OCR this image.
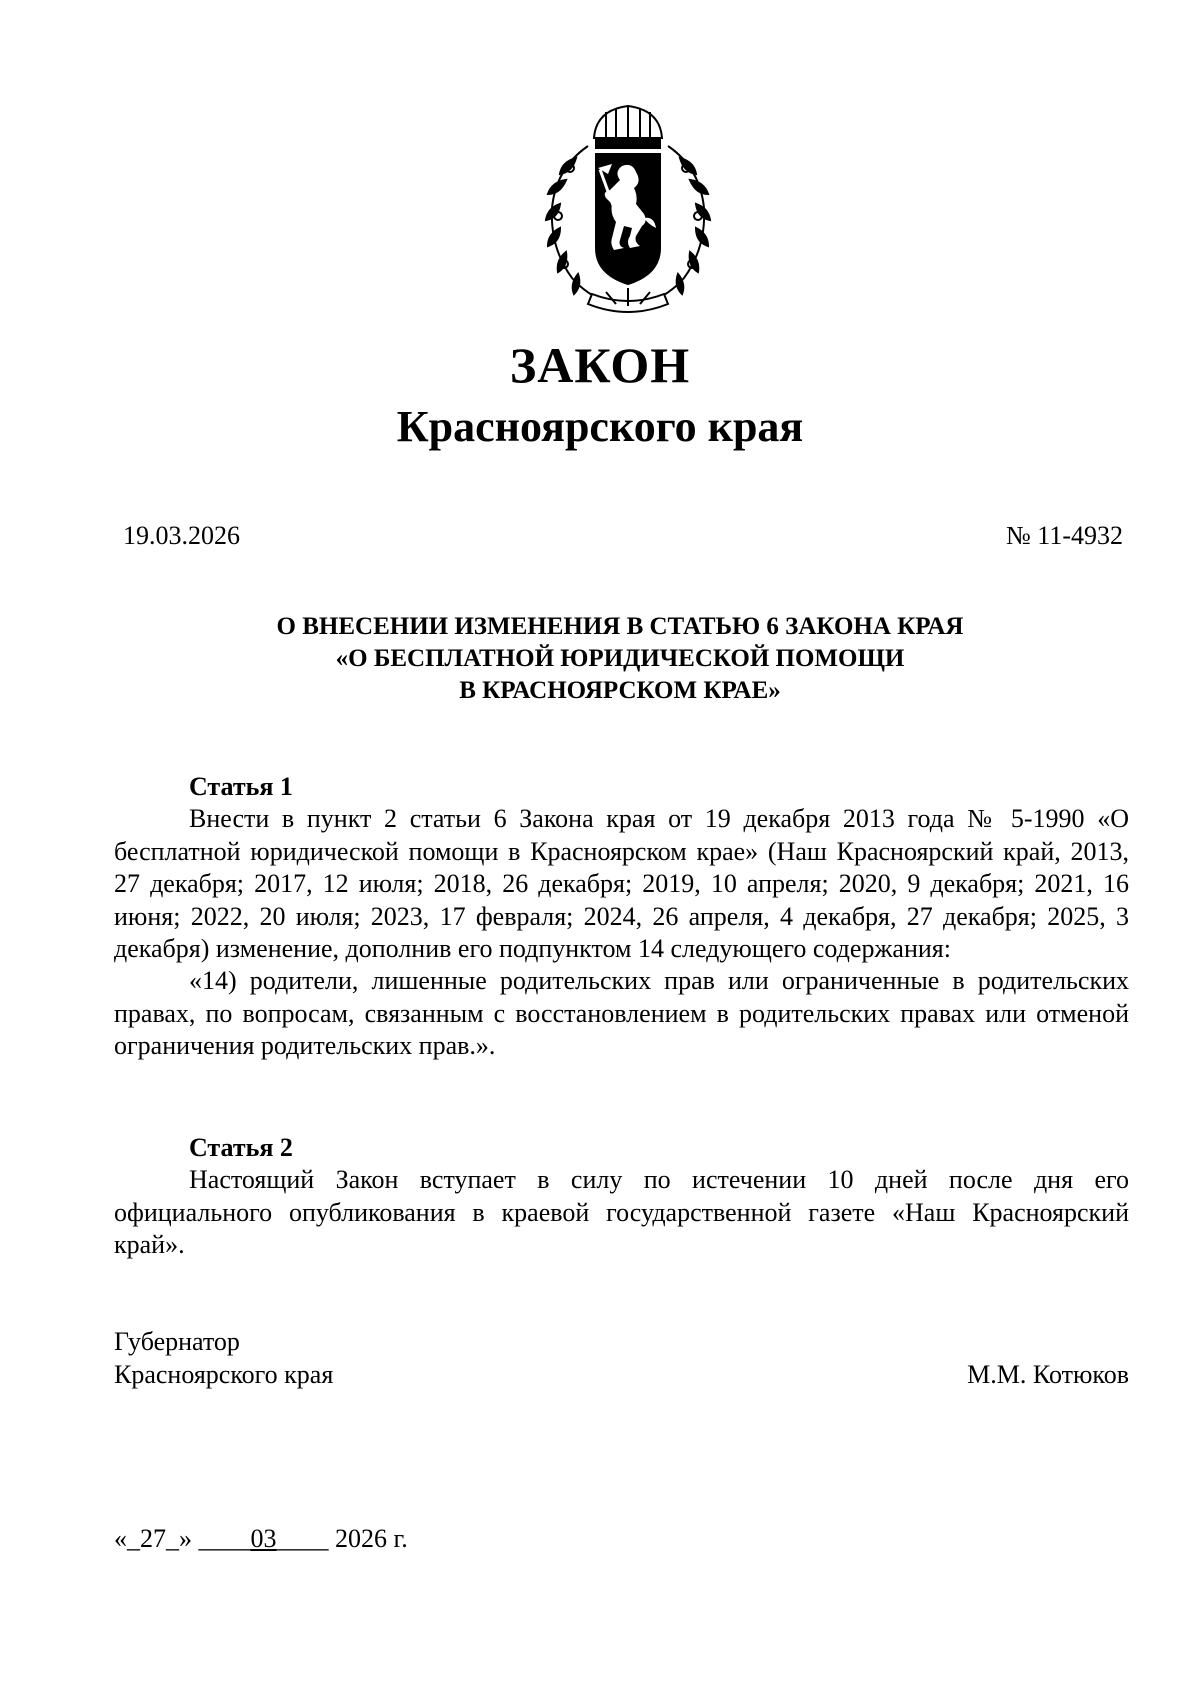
ЗАКОН
Красноярского края
19.03.2026	№ 11-4932
О ВНЕСЕНИИ ИЗМЕНЕНИЯ В СТАТЬЮ 6 ЗАКОНА КРАЯ
«О БЕСПЛАТНОЙ ЮРИДИЧЕСКОЙ ПОМОЩИ
В КРАСНОЯРСКОМ КРАЕ»

Статья 1

Внести в пункт 2 статьи 6 Закона края от 19 декабря 2013 года № 5-1990 «О бесплатной юридической помощи в Красноярском крае» (Наш Красноярский край, 2013, 27 декабря; 2017, 12 июля; 2018, 26 декабря; 2019, 10 апреля; 2020, 9 декабря; 2021, 16 июня; 2022, 20 июля; 2023, 17 февраля; 2024, 26 апреля, 4 декабря, 27 декабря; 2025, 3 декабря) изменение, дополнив его подпунктом 14 следующего содержания:

«14) родители, лишенные родительских прав или ограниченные в родительских правах, по вопросам, связанным с восстановлением в родительских правах или отменой ограничения родительских прав.».

Статья 2

Настоящий Закон вступает в силу по истечении 10 дней после дня его официального опубликования в краевой государственной газете «Наш Красноярский край».

Губернатор
Красноярского края	М.М. Котюков
«_27_» ____03____ 2026 г.
